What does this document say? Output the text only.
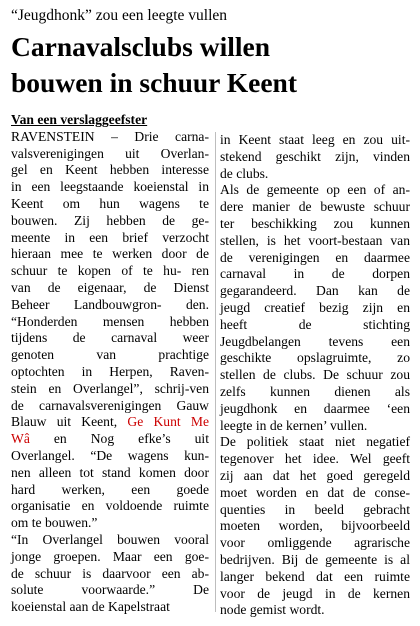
“Jeugdhonk” zou een leegte vullen
Carnavalsclubs willen
bouwen in schuur Keent
Van een verslaggeefster
RAVENSTEIN – Drie carna-
valsverenigingen uit Overlan-
gel en Keent hebben interesse
in een leegstaande koeienstal in
Keent om hun wagens te
bouwen. Zij hebben de ge-
meente in een brief verzocht
hieraan mee te werken door de
schuur te kopen of te hu- ren
van de eigenaar, de Dienst
Beheer Landbouwgron- den.
“Honderden mensen hebben
tijdens de carnaval weer
genoten van prachtige
optochten in Herpen, Raven-
stein en Overlangel”, schrij-ven
de carnavalsverenigingen Gauw
Blauw uit Keent, Ge Kunt Me
Wâ en Nog efke’s uit
Overlangel. “De wagens kun-
nen alleen tot stand komen door
hard werken, een goede
organisatie en voldoende ruimte
om te bouwen.”
“In Overlangel bouwen vooral
jonge groepen. Maar een goe-
de schuur is daarvoor een ab-
solute voorwaarde.” De
koeienstal aan de Kapelstraat
in Keent staat leeg en zou uit-
stekend geschikt zijn, vinden
de clubs.
Als de gemeente op een of an-
dere manier de bewuste schuur
ter beschikking zou kunnen
stellen, is het voort-bestaan van
de verenigingen en daarmee
carnaval in de dorpen
gegarandeerd. Dan kan de
jeugd creatief bezig zijn en
heeft de stichting
Jeugdbelangen tevens een
geschikte opslagruimte, zo
stellen de clubs. De schuur zou
zelfs kunnen dienen als
jeugdhonk en daarmee ‘een
leegte in de kernen’ vullen.
De politiek staat niet negatief
tegenover het idee. Wel geeft
zij aan dat het goed geregeld
moet worden en dat de conse-
quenties in beeld gebracht
moeten worden, bijvoorbeeld
voor omliggende agrarische
bedrijven. Bij de gemeente is al
langer bekend dat een ruimte
voor de jeugd in de kernen
node gemist wordt.
